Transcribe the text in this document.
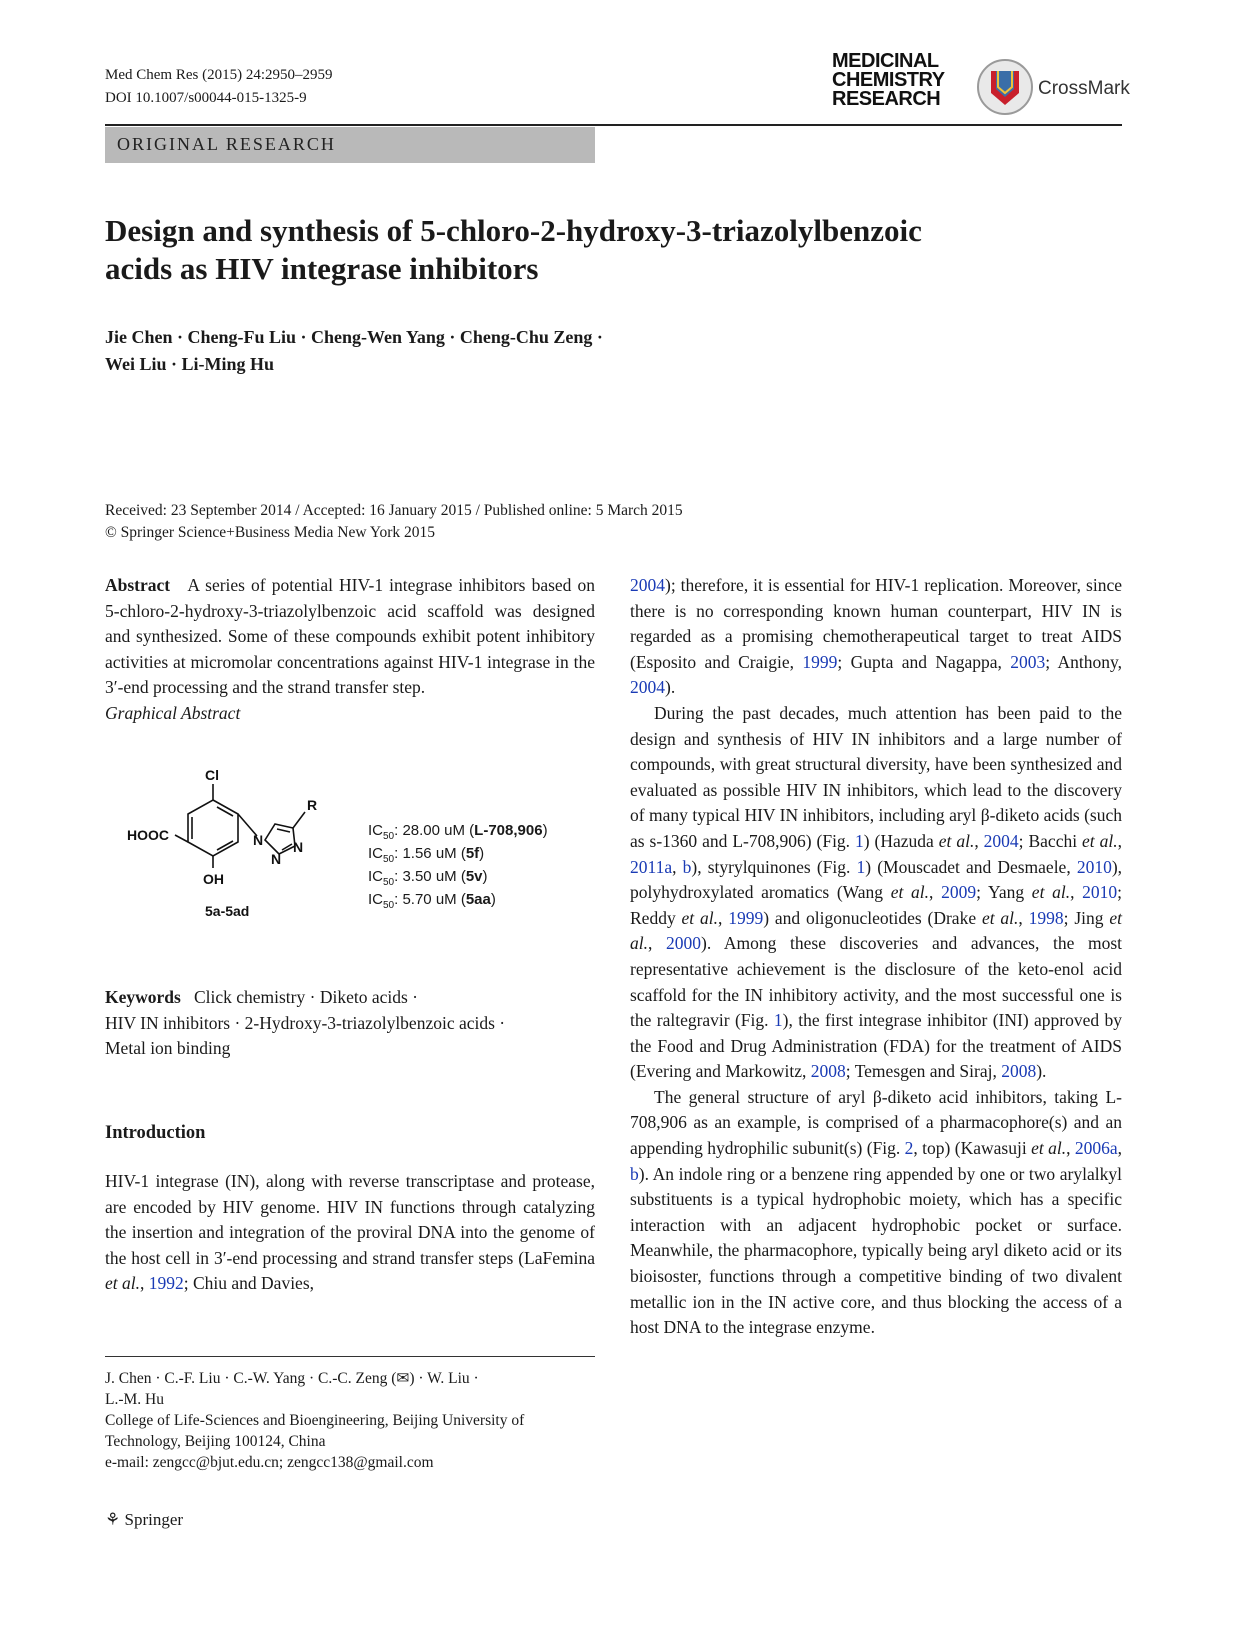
Med Chem Res (2015) 24:2950–2959
DOI 10.1007/s00044-015-1325-9
MEDICINAL
CHEMISTRY
RESEARCH	CrossMark
ORIGINAL RESEARCH
Design and synthesis of 5-chloro-2-hydroxy-3-triazolylbenzoic
acids as HIV integrase inhibitors
Jie Chen · Cheng-Fu Liu · Cheng-Wen Yang · Cheng-Chu Zeng ·
Wei Liu · Li-Ming Hu
Received: 23 September 2014 / Accepted: 16 January 2015 / Published online: 5 March 2015
© Springer Science+Business Media New York 2015

Abstract A series of potential HIV-1 integrase inhibitors based on 5-chloro-2-hydroxy-3-triazolylbenzoic acid scaffold was designed and synthesized. Some of these compounds exhibit potent inhibitory activities at micromolar concentrations against HIV-1 integrase in the 3′-end processing and the strand transfer step.

Graphical Abstract

Cl
R
HOOC
OH
N N
N
5a-5ad
$IC_{50}$: 28.00 uM (L-708,906)
$IC_{50}$: 1.56 uM (5f)
$IC_{50}$: 3.50 uM (5v)
$IC_{50}$: 5.70 uM (5aa)
Keywords Click chemistry · Diketo acids ·
HIV IN inhibitors · 2-Hydroxy-3-triazolylbenzoic acids ·
Metal ion binding
Introduction

HIV-1 integrase (IN), along with reverse transcriptase and protease, are encoded by HIV genome. HIV IN functions through catalyzing the insertion and integration of the proviral DNA into the genome of the host cell in 3′-end processing and strand transfer steps (LaFemina et al., 1992; Chiu and Davies,

J. Chen · C.-F. Liu · C.-W. Yang · C.-C. Zeng (✉) · W. Liu ·
L.-M. Hu
College of Life-Sciences and Bioengineering, Beijing University of Technology, Beijing 100124, China
e-mail: zengcc@bjut.edu.cn; zengcc138@gmail.com
⚘ Springer

2004); therefore, it is essential for HIV-1 replication. Moreover, since there is no corresponding known human counterpart, HIV IN is regarded as a promising chemotherapeutical target to treat AIDS (Esposito and Craigie, 1999; Gupta and Nagappa, 2003; Anthony, 2004).

During the past decades, much attention has been paid to the design and synthesis of HIV IN inhibitors and a large number of compounds, with great structural diversity, have been synthesized and evaluated as possible HIV IN inhibitors, which lead to the discovery of many typical HIV IN inhibitors, including aryl β-diketo acids (such as s-1360 and L-708,906) (Fig. 1) (Hazuda et al., 2004; Bacchi et al., 2011a, b), styrylquinones (Fig. 1) (Mouscadet and Desmaele, 2010), polyhydroxylated aromatics (Wang et al., 2009; Yang et al., 2010; Reddy et al., 1999) and oligonucleotides (Drake et al., 1998; Jing et al., 2000). Among these discoveries and advances, the most representative achievement is the disclosure of the keto-enol acid scaffold for the IN inhibitory activity, and the most successful one is the raltegravir (Fig. 1), the first integrase inhibitor (INI) approved by the Food and Drug Administration (FDA) for the treatment of AIDS (Evering and Markowitz, 2008; Temesgen and Siraj, 2008).

The general structure of aryl β-diketo acid inhibitors, taking L-708,906 as an example, is comprised of a pharmacophore(s) and an appending hydrophilic subunit(s) (Fig. 2, top) (Kawasuji et al., 2006a, b). An indole ring or a benzene ring appended by one or two arylalkyl substituents is a typical hydrophobic moiety, which has a specific interaction with an adjacent hydrophobic pocket or surface. Meanwhile, the pharmacophore, typically being aryl diketo acid or its bioisoster, functions through a competitive binding of two divalent metallic ion in the IN active core, and thus blocking the access of a host DNA to the integrase enzyme.
